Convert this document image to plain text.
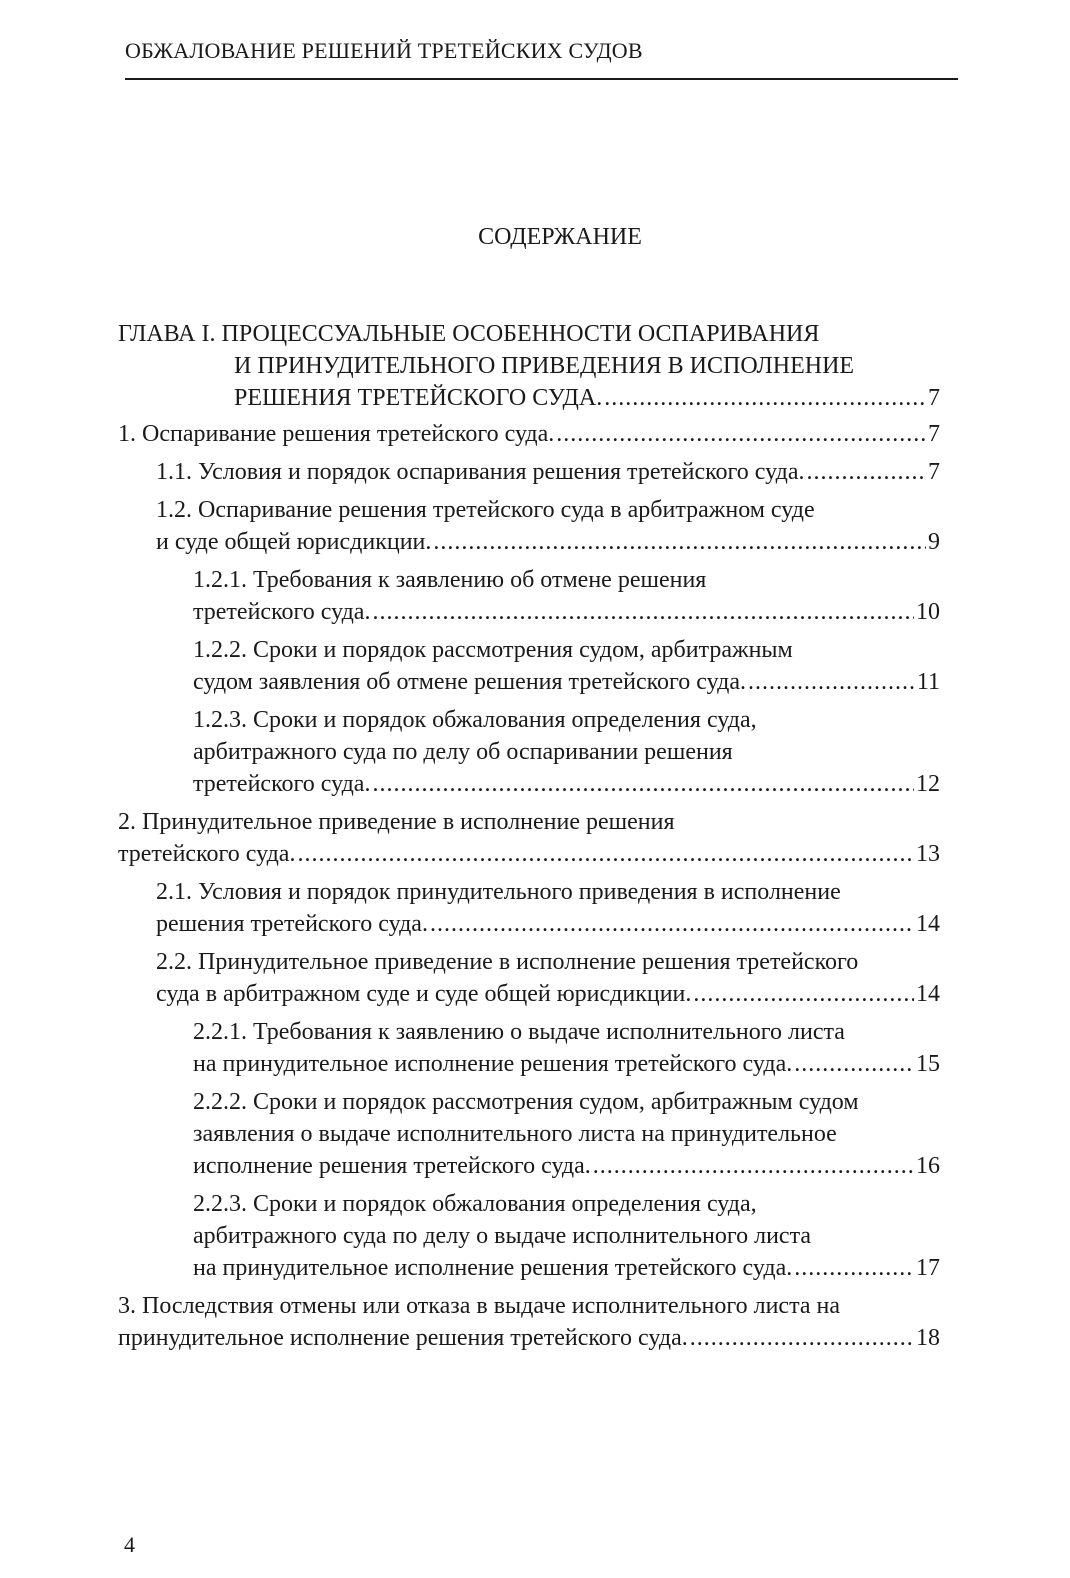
ОБЖАЛОВАНИЕ РЕШЕНИЙ ТРЕТЕЙСКИХ СУДОВ
СОДЕРЖАНИЕ
ГЛАВА I. ПРОЦЕССУАЛЬНЫЕ ОСОБЕННОСТИ ОСПАРИВАНИЯ
И ПРИНУДИТЕЛЬНОГО ПРИВЕДЕНИЯ В ИСПОЛНЕНИЕ
РЕШЕНИЯ ТРЕТЕЙСКОГО СУДА. .....	7
1. Оспаривание решения третейского суда. .....	7
1.1. Условия и порядок оспаривания решения третейского суда. .....	7
1.2. Оспаривание решения третейского суда в арбитражном суде
и суде общей юрисдикции. .....	9
1.2.1. Требования к заявлению об отмене решения
третейского суда. .....	10
1.2.2. Сроки и порядок рассмотрения судом, арбитражным
судом заявления об отмене решения третейского суда. .....	11
1.2.3. Сроки и порядок обжалования определения суда,
арбитражного суда по делу об оспаривании решения
третейского суда. .....	12
2. Принудительное приведение в исполнение решения
третейского суда. .....	13
2.1. Условия и порядок принудительного приведения в исполнение
решения третейского суда. .....	14
2.2. Принудительное приведение в исполнение решения третейского
суда в арбитражном суде и суде общей юрисдикции. .....	14
2.2.1. Требования к заявлению о выдаче исполнительного листа
на принудительное исполнение решения третейского суда. .....	15
2.2.2. Сроки и порядок рассмотрения судом, арбитражным судом
заявления о выдаче исполнительного листа на принудительное
исполнение решения третейского суда. .....	16
2.2.3. Сроки и порядок обжалования определения суда,
арбитражного суда по делу о выдаче исполнительного листа
на принудительное исполнение решения третейского суда. .....	17
3. Последствия отмены или отказа в выдаче исполнительного листа на
принудительное исполнение решения третейского суда. .....	18
4
